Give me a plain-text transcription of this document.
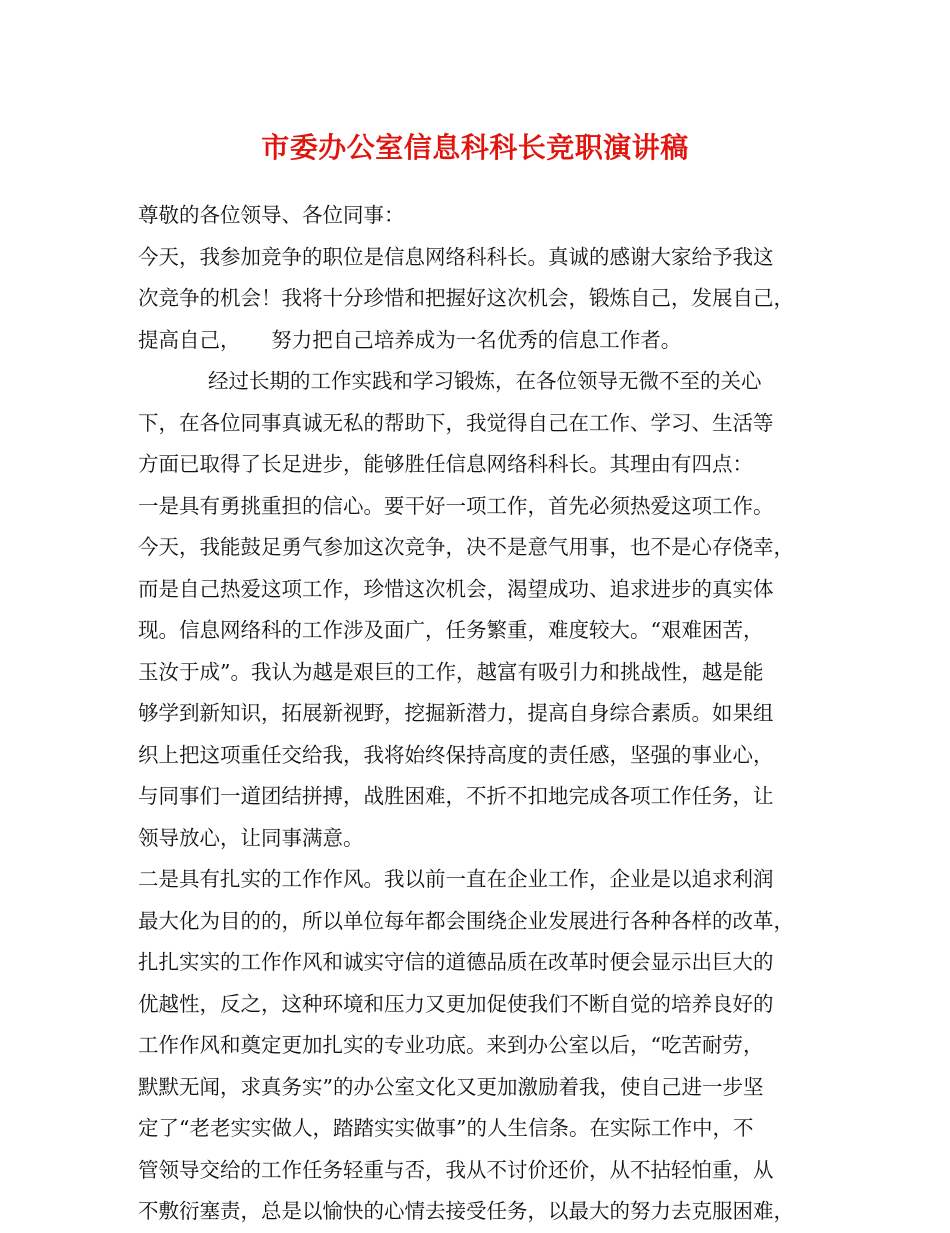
市委办公室信息科科长竞职演讲稿
尊敬的各位领导、各位同事：
今天，我参加竞争的职位是信息网络科科长。真诚的感谢大家给予我这
次竞争的机会！我将十分珍惜和把握好这次机会，锻炼自己，发展自己，
提高自己，　　努力把自己培养成为一名优秀的信息工作者。
经过长期的工作实践和学习锻炼，在各位领导无微不至的关心
下，在各位同事真诚无私的帮助下，我觉得自己在工作、学习、生活等
方面已取得了长足进步，能够胜任信息网络科科长。其理由有四点：
一是具有勇挑重担的信心。要干好一项工作，首先必须热爱这项工作。
今天，我能鼓足勇气参加这次竞争，决不是意气用事，也不是心存侥幸，
而是自己热爱这项工作，珍惜这次机会，渴望成功、追求进步的真实体
现。信息网络科的工作涉及面广，任务繁重，难度较大。“艰难困苦，
玉汝于成”。我认为越是艰巨的工作，越富有吸引力和挑战性，越是能
够学到新知识，拓展新视野，挖掘新潜力，提高自身综合素质。如果组
织上把这项重任交给我，我将始终保持高度的责任感，坚强的事业心，
与同事们一道团结拼搏，战胜困难，不折不扣地完成各项工作任务，让
领导放心，让同事满意。
二是具有扎实的工作作风。我以前一直在企业工作，企业是以追求利润
最大化为目的的，所以单位每年都会围绕企业发展进行各种各样的改革，
扎扎实实的工作作风和诚实守信的道德品质在改革时便会显示出巨大的
优越性，反之，这种环境和压力又更加促使我们不断自觉的培养良好的
工作作风和奠定更加扎实的专业功底。来到办公室以后，“吃苦耐劳，
默默无闻，求真务实”的办公室文化又更加激励着我，使自己进一步坚
定了“老老实实做人，踏踏实实做事”的人生信条。在实际工作中，不
管领导交给的工作任务轻重与否，我从不讨价还价，从不拈轻怕重，从
不敷衍塞责，总是以愉快的心情去接受任务，以最大的努力去克服困难，
